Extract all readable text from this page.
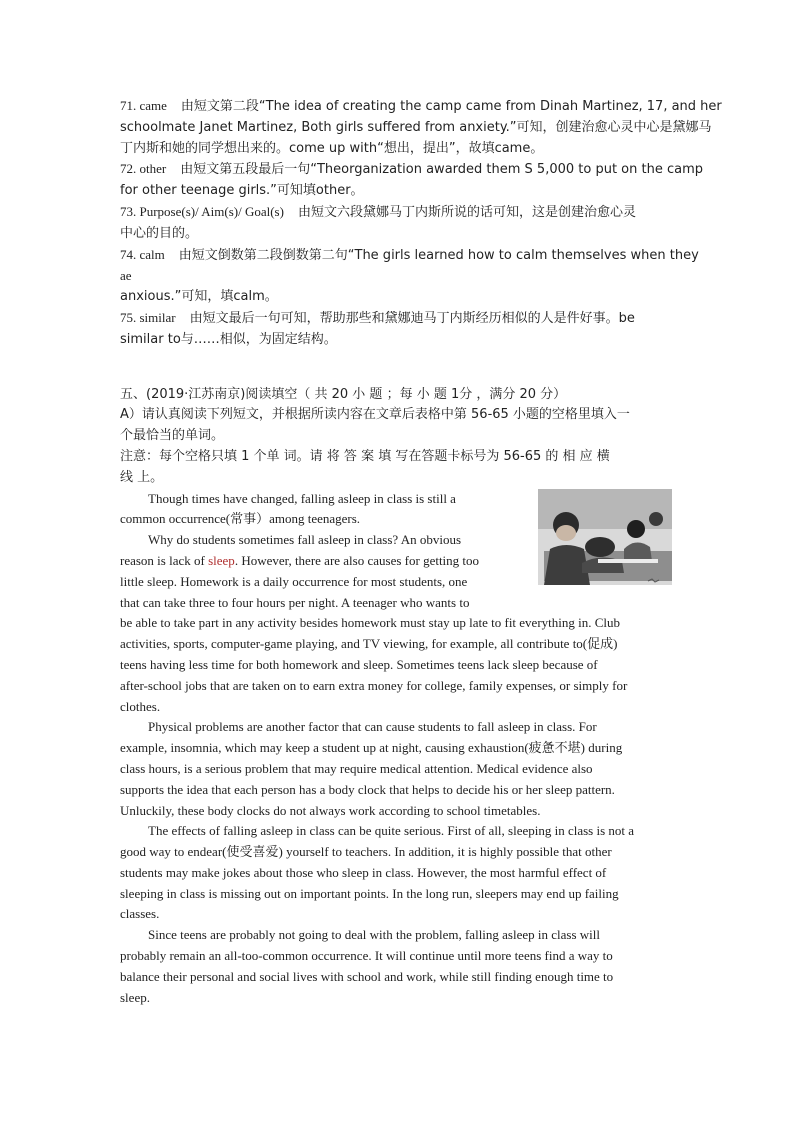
71. came 由短文第二段“The idea of creating the camp came from Dinah Martinez, 17, and her
schoolmate Janet Martinez, Both girls suffered from anxiety.”可知，创建治愈心灵中心是黛娜马
丁内斯和她的同学想出来的。come up with“想出，提出”，故填came。
72. other 由短文第五段最后一句“Theorganization awarded them S 5,000 to put on the camp
for other teenage girls.”可知填other。
73. Purpose(s)/ Aim(s)/ Goal(s) 由短文六段黛娜马丁内斯所说的话可知，这是创建治愈心灵
中心的目的。
74. calm 由短文倒数第二段倒数第二句“The girls learned how to calm themselves when they
ae
anxious.”可知，填calm。
75. similar 由短文最后一句可知，帮助那些和黛娜迪马丁内斯经历相似的人是件好事。be
similar to与……相似，为固定结构。
五、(2019·江苏南京)阅读填空（ 共 20 小 题 ；每 小 题 1分 ，满分 20 分）
A）请认真阅读下列短文，并根据所读内容在文章后表格中第 56-65 小题的空格里填入一
个最恰当的单词。
注意：每个空格只填 1 个单 词。请 将 答 案 填 写在答题卡标号为 56-65 的 相 应 横
线 上。
Though times have changed, falling asleep in class is still a
common occurrence(常事）among teenagers.
Why do students sometimes fall asleep in class? An obvious
reason is lack of sleep. However, there are also causes for getting too
little sleep. Homework is a daily occurrence for most students, one
that can take three to four hours per night. A teenager who wants to
be able to take part in any activity besides homework must stay up late to fit everything in. Club
activities, sports, computer-game playing, and TV viewing, for example, all contribute to(促成)
teens having less time for both homework and sleep. Sometimes teens lack sleep because of
after-school jobs that are taken on to earn extra money for college, family expenses, or simply for
clothes.
Physical problems are another factor that can cause students to fall asleep in class. For
example, insomnia, which may keep a student up at night, causing exhaustion(疲惫不堪) during
class hours, is a serious problem that may require medical attention. Medical evidence also
supports the idea that each person has a body clock that helps to decide his or her sleep pattern.
Unluckily, these body clocks do not always work according to school timetables.
The effects of falling asleep in class can be quite serious. First of all, sleeping in class is not a
good way to endear(使受喜爱) yourself to teachers. In addition, it is highly possible that other
students may make jokes about those who sleep in class. However, the most harmful effect of
sleeping in class is missing out on important points. In the long run, sleepers may end up failing
classes.
Since teens are probably not going to deal with the problem, falling asleep in class will
probably remain an all-too-common occurrence. It will continue until more teens find a way to
balance their personal and social lives with school and work, while still finding enough time to
sleep.
